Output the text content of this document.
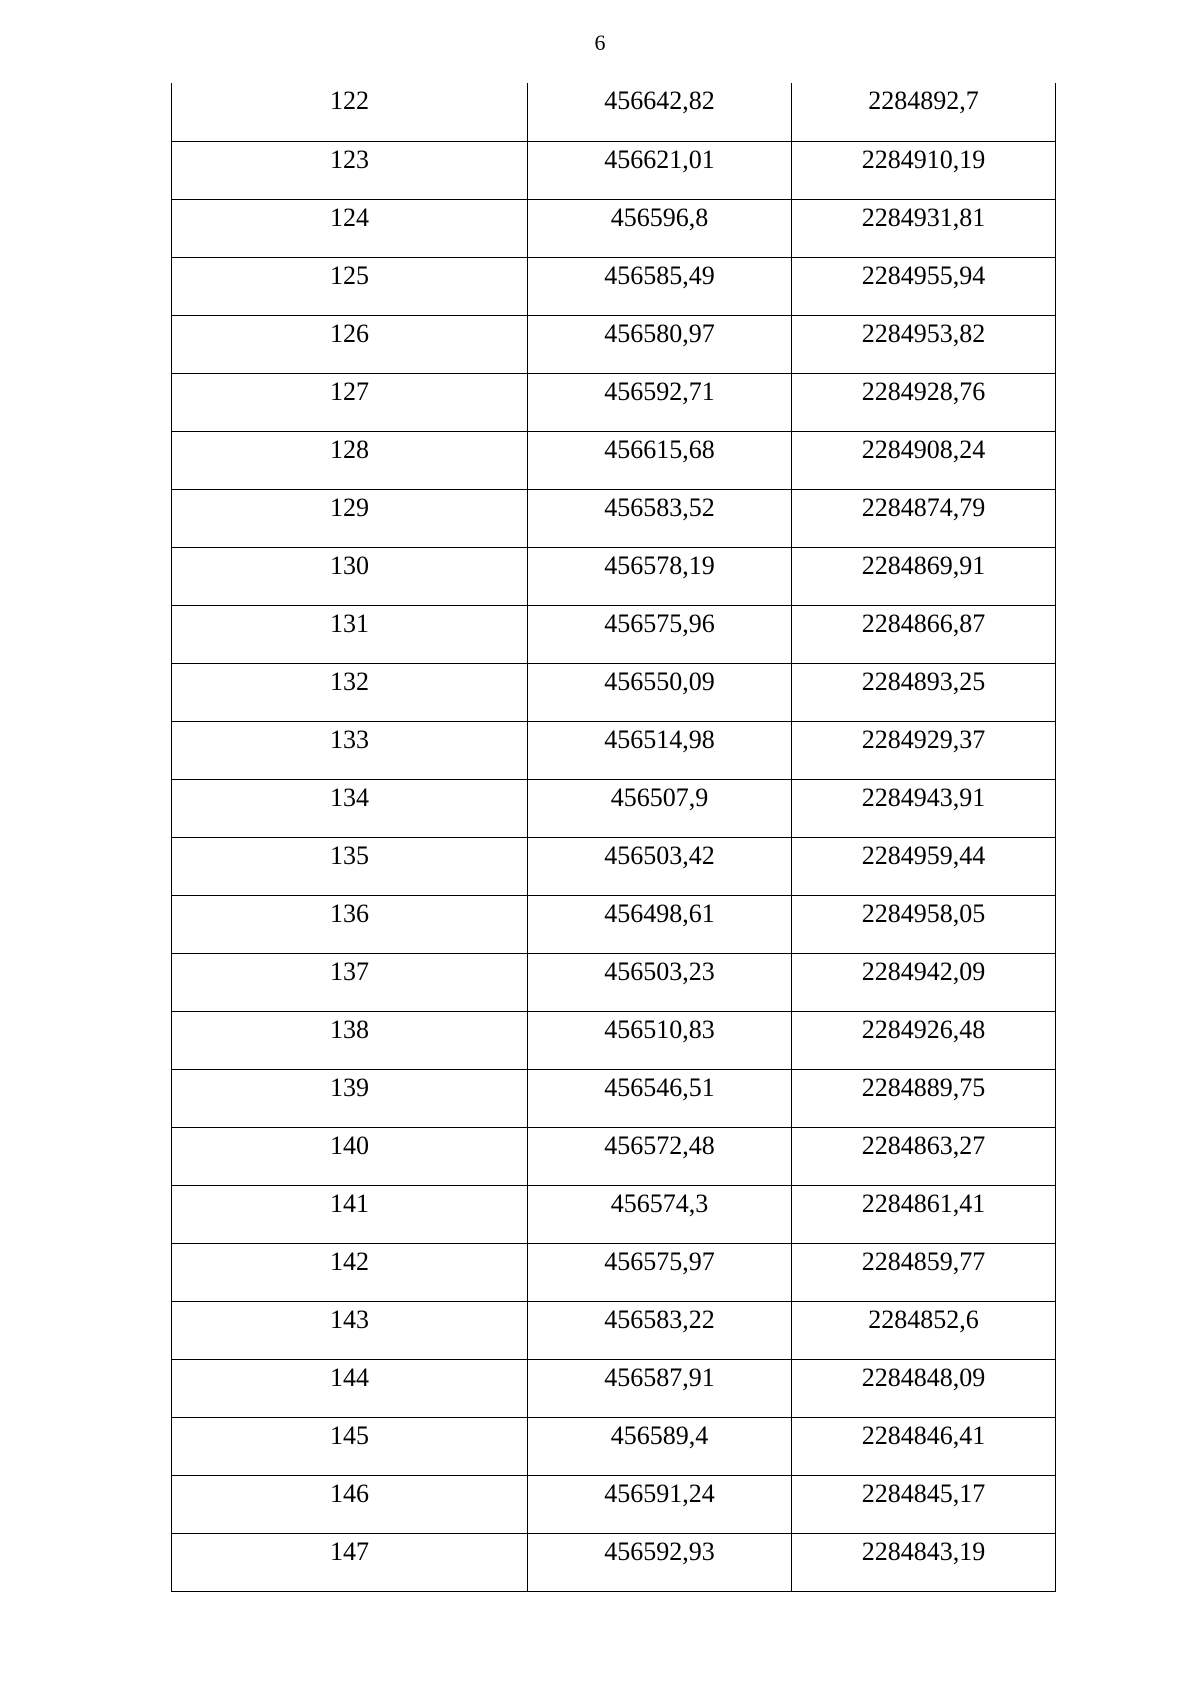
6
122	456642,82	2284892,7
123	456621,01	2284910,19
124	456596,8	2284931,81
125	456585,49	2284955,94
126	456580,97	2284953,82
127	456592,71	2284928,76
128	456615,68	2284908,24
129	456583,52	2284874,79
130	456578,19	2284869,91
131	456575,96	2284866,87
132	456550,09	2284893,25
133	456514,98	2284929,37
134	456507,9	2284943,91
135	456503,42	2284959,44
136	456498,61	2284958,05
137	456503,23	2284942,09
138	456510,83	2284926,48
139	456546,51	2284889,75
140	456572,48	2284863,27
141	456574,3	2284861,41
142	456575,97	2284859,77
143	456583,22	2284852,6
144	456587,91	2284848,09
145	456589,4	2284846,41
146	456591,24	2284845,17
147	456592,93	2284843,19
